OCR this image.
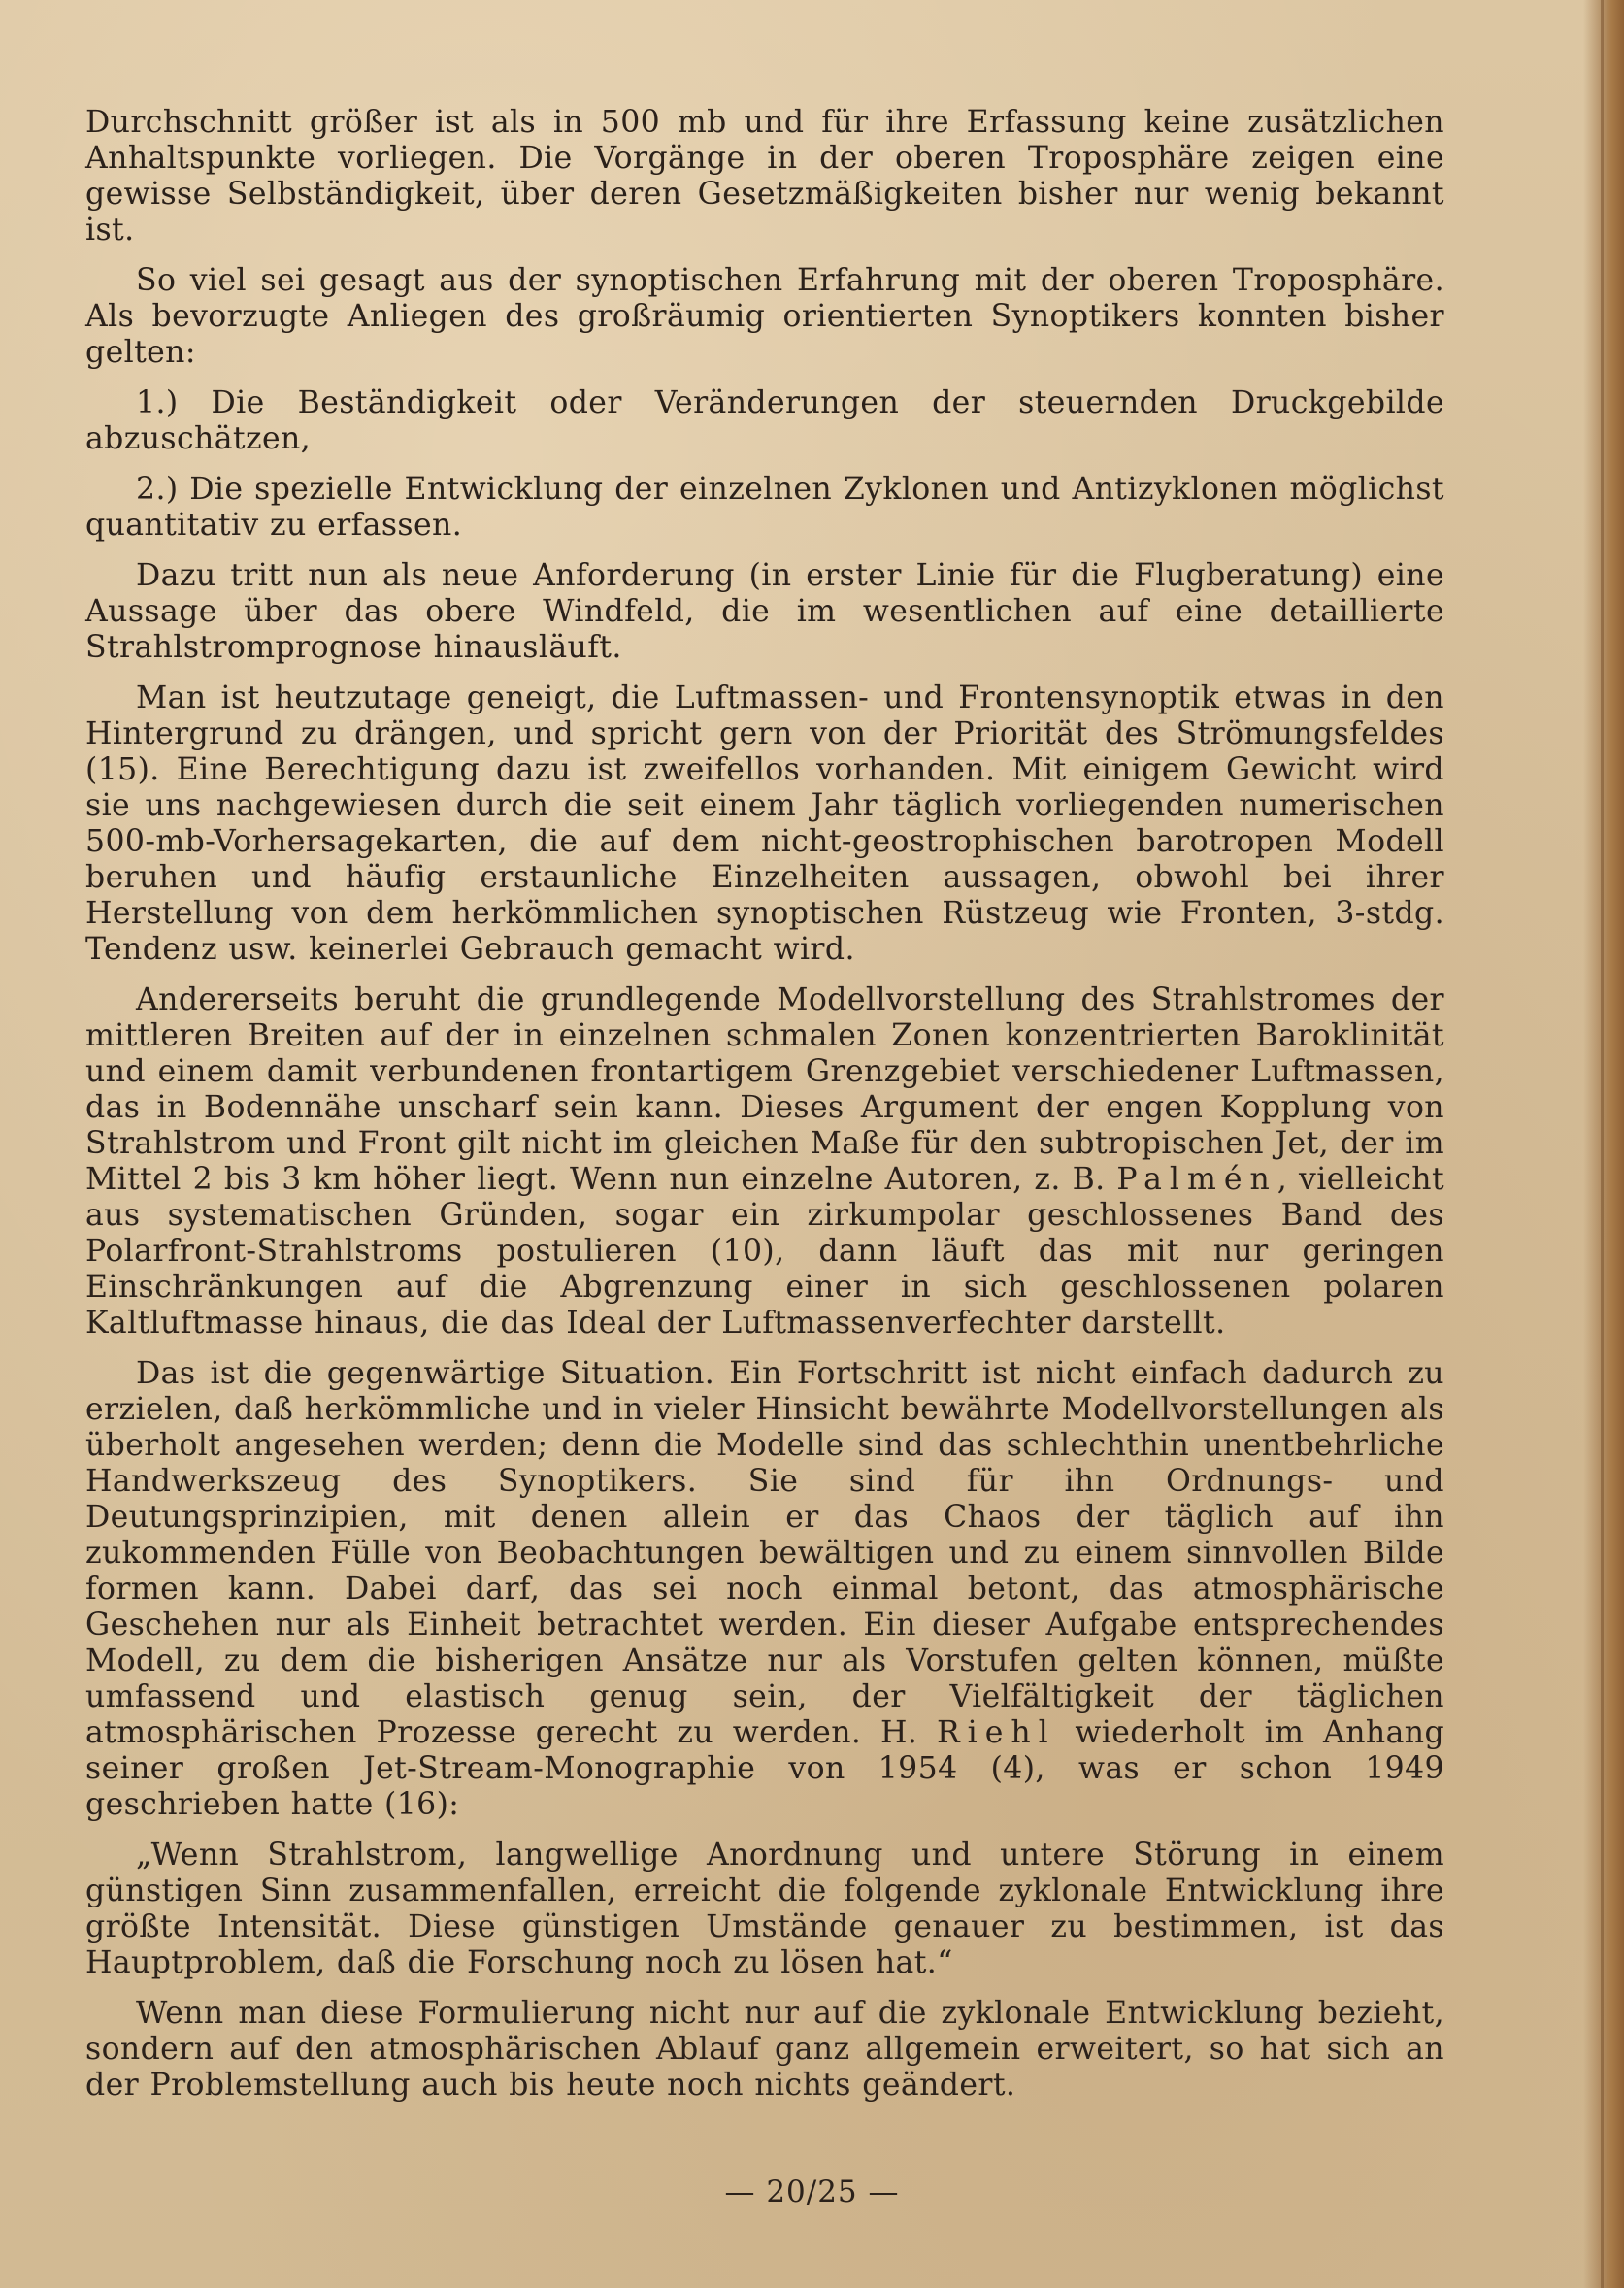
Durchschnitt größer ist als in 500 mb und für ihre Erfassung keine zusätzlichen Anhaltspunkte vorliegen. Die Vorgänge in der oberen Troposphäre zeigen eine gewisse Selbständigkeit, über deren Gesetzmäßigkeiten bisher nur wenig bekannt ist.

So viel sei gesagt aus der synoptischen Erfahrung mit der oberen Troposphäre. Als bevorzugte Anliegen des großräumig orientierten Synoptikers konnten bisher gelten:

1.) Die Beständigkeit oder Veränderungen der steuernden Druckgebilde abzuschätzen,

2.) Die spezielle Entwicklung der einzelnen Zyklonen und Antizyklonen möglichst quantitativ zu erfassen.

Dazu tritt nun als neue Anforderung (in erster Linie für die Flugberatung) eine Aussage über das obere Windfeld, die im wesentlichen auf eine detaillierte Strahlstromprognose hinausläuft.

Man ist heutzutage geneigt, die Luftmassen- und Frontensynoptik etwas in den Hintergrund zu drängen, und spricht gern von der Priorität des Strömungsfeldes (15). Eine Berechtigung dazu ist zweifellos vorhanden. Mit einigem Gewicht wird sie uns nachgewiesen durch die seit einem Jahr täglich vorliegenden numerischen 500-mb-Vorhersagekarten, die auf dem nicht-geostrophischen barotropen Modell beruhen und häufig erstaunliche Einzelheiten aussagen, obwohl bei ihrer Herstellung von dem herkömmlichen synoptischen Rüstzeug wie Fronten, 3-stdg. Tendenz usw. keinerlei Gebrauch gemacht wird.

Andererseits beruht die grundlegende Modellvorstellung des Strahlstromes der mittleren Breiten auf der in einzelnen schmalen Zonen konzentrierten Baroklinität und einem damit verbundenen frontartigem Grenzgebiet verschiedener Luftmassen, das in Bodennähe unscharf sein kann. Dieses Argument der engen Kopplung von Strahlstrom und Front gilt nicht im gleichen Maße für den subtropischen Jet, der im Mittel 2 bis 3 km höher liegt. Wenn nun einzelne Autoren, z. B. Palmén, vielleicht aus systematischen Gründen, sogar ein zirkumpolar geschlossenes Band des Polarfront-Strahlstroms postulieren (10), dann läuft das mit nur geringen Einschränkungen auf die Abgrenzung einer in sich geschlossenen polaren Kaltluftmasse hinaus, die das Ideal der Luftmassenverfechter darstellt.

Das ist die gegenwärtige Situation. Ein Fortschritt ist nicht einfach dadurch zu erzielen, daß herkömmliche und in vieler Hinsicht bewährte Modellvorstellungen als überholt angesehen werden; denn die Modelle sind das schlechthin unentbehrliche Handwerkszeug des Synoptikers. Sie sind für ihn Ordnungs- und Deutungsprinzipien, mit denen allein er das Chaos der täglich auf ihn zukommenden Fülle von Beobachtungen bewältigen und zu einem sinnvollen Bilde formen kann. Dabei darf, das sei noch einmal betont, das atmosphärische Geschehen nur als Einheit betrachtet werden. Ein dieser Aufgabe entsprechendes Modell, zu dem die bisherigen Ansätze nur als Vorstufen gelten können, müßte umfassend und elastisch genug sein, der Vielfältigkeit der täglichen atmosphärischen Prozesse gerecht zu werden. H. Riehl wiederholt im Anhang seiner großen Jet-Stream-Monographie von 1954 (4), was er schon 1949 geschrieben hatte (16):

„Wenn Strahlstrom, langwellige Anordnung und untere Störung in einem günstigen Sinn zusammenfallen, erreicht die folgende zyklonale Entwicklung ihre größte Intensität. Diese günstigen Umstände genauer zu bestimmen, ist das Hauptproblem, daß die Forschung noch zu lösen hat.“

Wenn man diese Formulierung nicht nur auf die zyklonale Entwicklung bezieht, sondern auf den atmosphärischen Ablauf ganz allgemein erweitert, so hat sich an der Problemstellung auch bis heute noch nichts geändert.

— 20/25 —
